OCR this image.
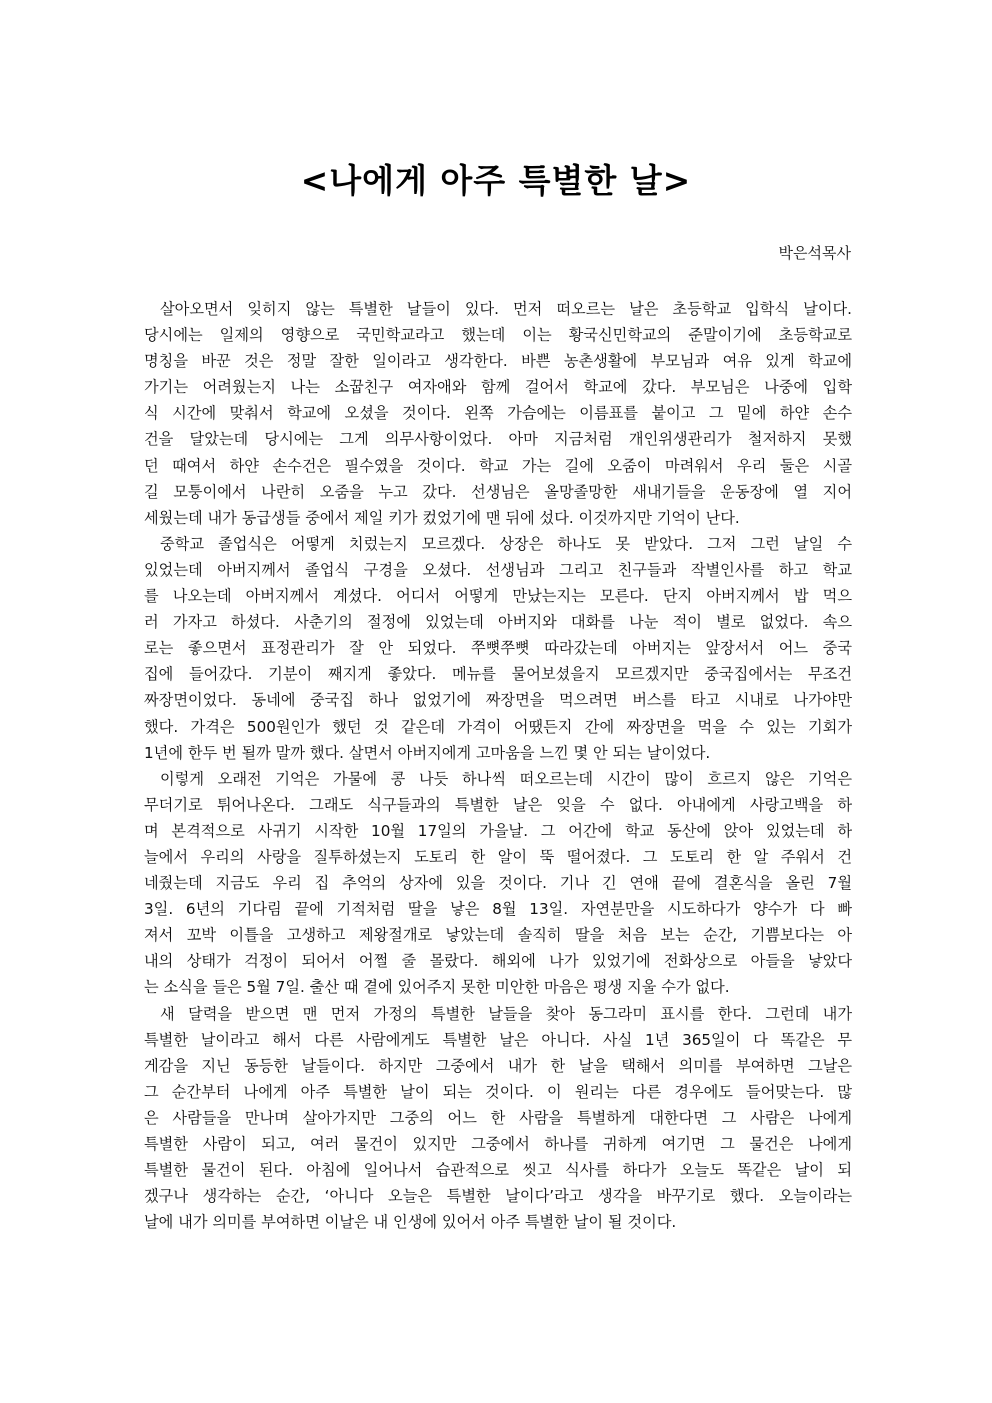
<나에게 아주 특별한 날>
박은석목사
살아오면서 잊히지 않는 특별한 날들이 있다. 먼저 떠오르는 날은 초등학교 입학식 날이다.
당시에는 일제의 영향으로 국민학교라고 했는데 이는 황국신민학교의 준말이기에 초등학교로
명칭을 바꾼 것은 정말 잘한 일이라고 생각한다. 바쁜 농촌생활에 부모님과 여유 있게 학교에
가기는 어려웠는지 나는 소꿉친구 여자애와 함께 걸어서 학교에 갔다. 부모님은 나중에 입학
식 시간에 맞춰서 학교에 오셨을 것이다. 왼쪽 가슴에는 이름표를 붙이고 그 밑에 하얀 손수
건을 달았는데 당시에는 그게 의무사항이었다. 아마 지금처럼 개인위생관리가 철저하지 못했
던 때여서 하얀 손수건은 필수였을 것이다. 학교 가는 길에 오줌이 마려워서 우리 둘은 시골
길 모퉁이에서 나란히 오줌을 누고 갔다. 선생님은 올망졸망한 새내기들을 운동장에 열 지어
세웠는데 내가 동급생들 중에서 제일 키가 컸었기에 맨 뒤에 섰다. 이것까지만 기억이 난다.
중학교 졸업식은 어떻게 치렀는지 모르겠다. 상장은 하나도 못 받았다. 그저 그런 날일 수
있었는데 아버지께서 졸업식 구경을 오셨다. 선생님과 그리고 친구들과 작별인사를 하고 학교
를 나오는데 아버지께서 계셨다. 어디서 어떻게 만났는지는 모른다. 단지 아버지께서 밥 먹으
러 가자고 하셨다. 사춘기의 절정에 있었는데 아버지와 대화를 나눈 적이 별로 없었다. 속으
로는 좋으면서 표정관리가 잘 안 되었다. 쭈뼛쭈뼛 따라갔는데 아버지는 앞장서서 어느 중국
집에 들어갔다. 기분이 째지게 좋았다. 메뉴를 물어보셨을지 모르겠지만 중국집에서는 무조건
짜장면이었다. 동네에 중국집 하나 없었기에 짜장면을 먹으려면 버스를 타고 시내로 나가야만
했다. 가격은 500원인가 했던 것 같은데 가격이 어땠든지 간에 짜장면을 먹을 수 있는 기회가
1년에 한두 번 될까 말까 했다. 살면서 아버지에게 고마움을 느낀 몇 안 되는 날이었다.
이렇게 오래전 기억은 가물에 콩 나듯 하나씩 떠오르는데 시간이 많이 흐르지 않은 기억은
무더기로 튀어나온다. 그래도 식구들과의 특별한 날은 잊을 수 없다. 아내에게 사랑고백을 하
며 본격적으로 사귀기 시작한 10월 17일의 가을날. 그 어간에 학교 동산에 앉아 있었는데 하
늘에서 우리의 사랑을 질투하셨는지 도토리 한 알이 뚝 떨어졌다. 그 도토리 한 알 주워서 건
네줬는데 지금도 우리 집 추억의 상자에 있을 것이다. 기나 긴 연애 끝에 결혼식을 올린 7월
3일. 6년의 기다림 끝에 기적처럼 딸을 낳은 8월 13일. 자연분만을 시도하다가 양수가 다 빠
져서 꼬박 이틀을 고생하고 제왕절개로 낳았는데 솔직히 딸을 처음 보는 순간, 기쁨보다는 아
내의 상태가 걱정이 되어서 어쩔 줄 몰랐다. 해외에 나가 있었기에 전화상으로 아들을 낳았다
는 소식을 들은 5월 7일. 출산 때 곁에 있어주지 못한 미안한 마음은 평생 지울 수가 없다.
새 달력을 받으면 맨 먼저 가정의 특별한 날들을 찾아 동그라미 표시를 한다. 그런데 내가
특별한 날이라고 해서 다른 사람에게도 특별한 날은 아니다. 사실 1년 365일이 다 똑같은 무
게감을 지닌 동등한 날들이다. 하지만 그중에서 내가 한 날을 택해서 의미를 부여하면 그날은
그 순간부터 나에게 아주 특별한 날이 되는 것이다. 이 원리는 다른 경우에도 들어맞는다. 많
은 사람들을 만나며 살아가지만 그중의 어느 한 사람을 특별하게 대한다면 그 사람은 나에게
특별한 사람이 되고, 여러 물건이 있지만 그중에서 하나를 귀하게 여기면 그 물건은 나에게
특별한 물건이 된다. 아침에 일어나서 습관적으로 씻고 식사를 하다가 오늘도 똑같은 날이 되
겠구나 생각하는 순간, ‘아니다 오늘은 특별한 날이다’라고 생각을 바꾸기로 했다. 오늘이라는
날에 내가 의미를 부여하면 이날은 내 인생에 있어서 아주 특별한 날이 될 것이다.
